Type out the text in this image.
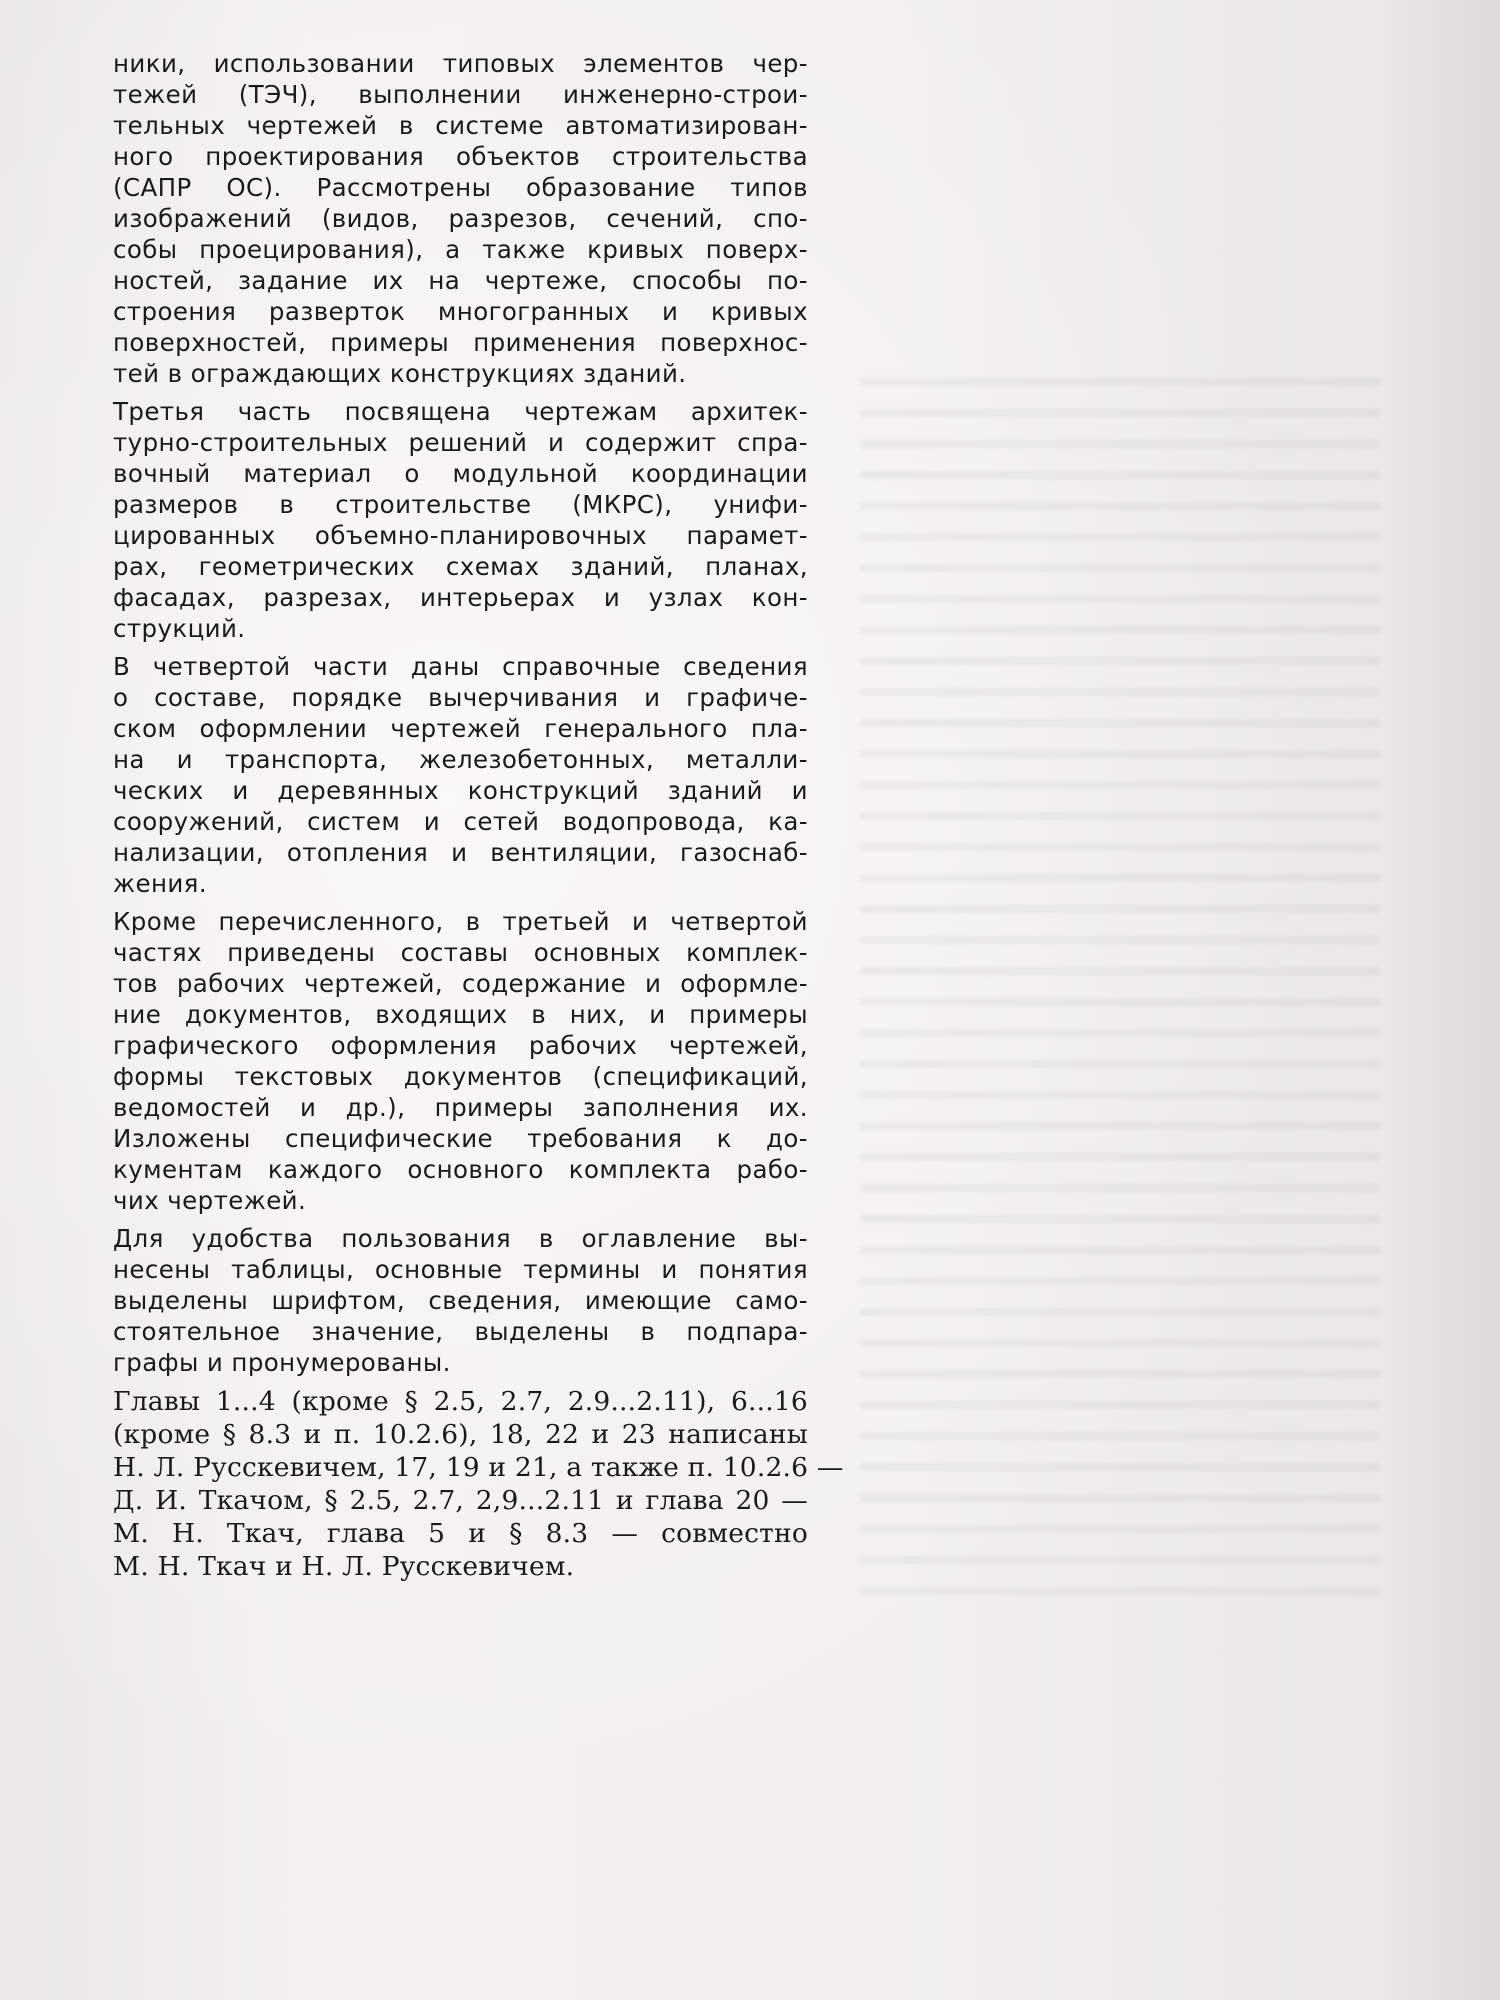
ники, использовании типовых элементов чер-
тежей (ТЭЧ), выполнении инженерно-строи-
тельных чертежей в системе автоматизирован-
ного проектирования объектов строительства
(САПР ОС). Рассмотрены образование типов
изображений (видов, разрезов, сечений, спо-
собы проецирования), а также кривых поверх-
ностей, задание их на чертеже, способы по-
строения разверток многогранных и кривых
поверхностей, примеры применения поверхнос-
тей в ограждающих конструкциях зданий.

Третья часть посвящена чертежам архитек-
турно-строительных решений и содержит спра-
вочный материал о модульной координации
размеров в строительстве (МКРС), унифи-
цированных объемно-планировочных парамет-
рах, геометрических схемах зданий, планах,
фасадах, разрезах, интерьерах и узлах кон-
струкций.

В четвертой части даны справочные сведения
о составе, порядке вычерчивания и графиче-
ском оформлении чертежей генерального пла-
на и транспорта, железобетонных, металли-
ческих и деревянных конструкций зданий и
сооружений, систем и сетей водопровода, ка-
нализации, отопления и вентиляции, газоснаб-
жения.

Кроме перечисленного, в третьей и четвертой
частях приведены составы основных комплек-
тов рабочих чертежей, содержание и оформле-
ние документов, входящих в них, и примеры
графического оформления рабочих чертежей,
формы текстовых документов (спецификаций,
ведомостей и др.), примеры заполнения их.
Изложены специфические требования к до-
кументам каждого основного комплекта рабо-
чих чертежей.

Для удобства пользования в оглавление вы-
несены таблицы, основные термины и понятия
выделены шрифтом, сведения, имеющие само-
стоятельное значение, выделены в подпара-
графы и пронумерованы.

Главы 1...4 (кроме § 2.5, 2.7, 2.9...2.11), 6...16
(кроме § 8.3 и п. 10.2.6), 18, 22 и 23 написаны
Н. Л. Русскевичем, 17, 19 и 21, а также п. 10.2.6 —
Д. И. Ткачом, § 2.5, 2.7, 2,9...2.11 и глава 20 —
М. Н. Ткач, глава 5 и § 8.3 — совместно
М. Н. Ткач и Н. Л. Русскевичем.
